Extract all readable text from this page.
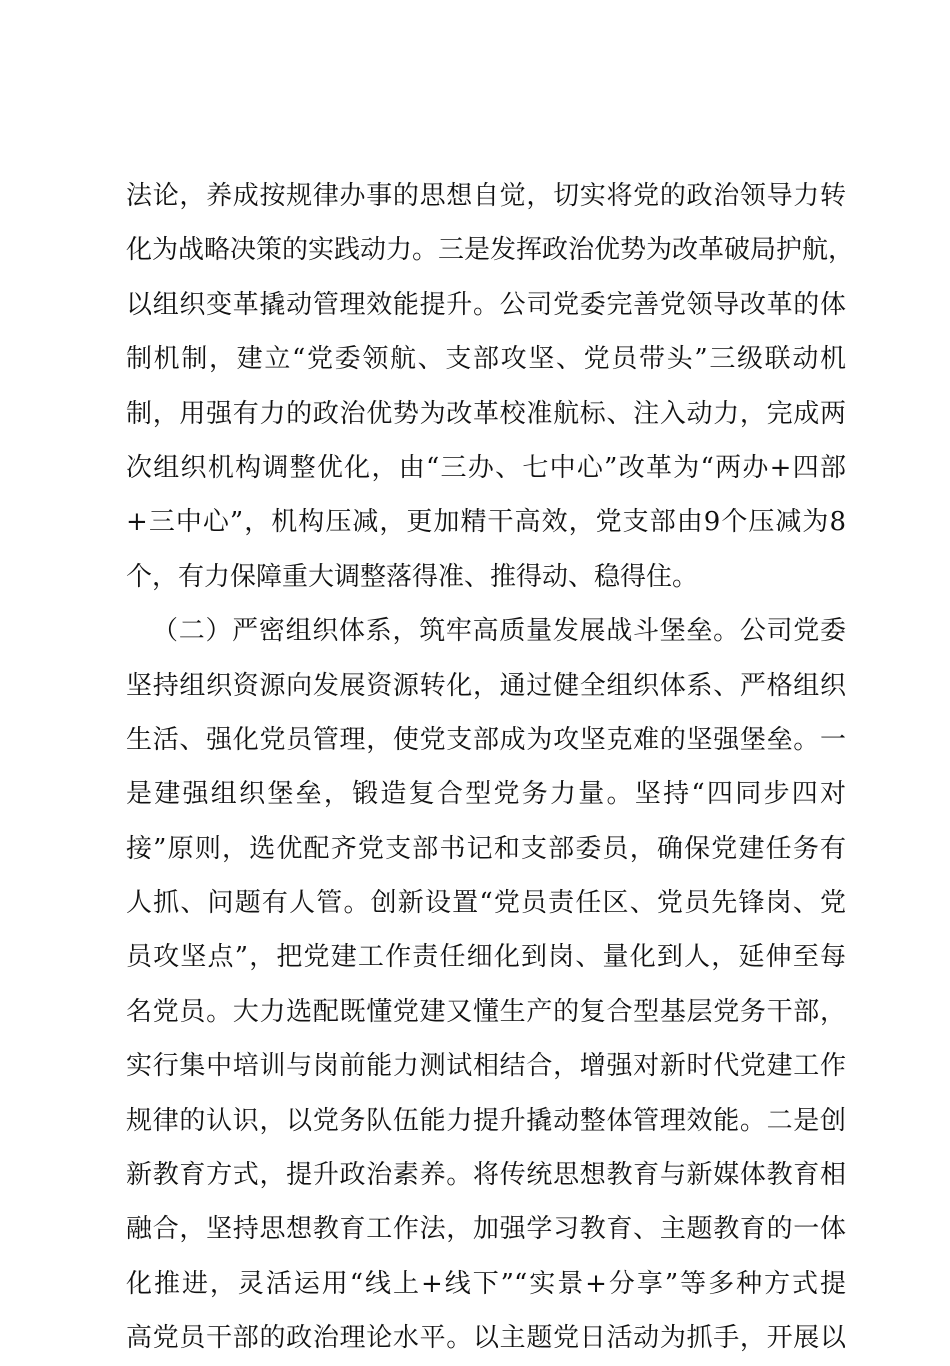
法论，养成按规律办事的思想自觉，切实将党的政治领导力转
化为战略决策的实践动力。三是发挥政治优势为改革破局护航，
以组织变革撬动管理效能提升。公司党委完善党领导改革的体
制机制，建立“党委领航、支部攻坚、党员带头”三级联动机
制，用强有力的政治优势为改革校准航标、注入动力，完成两
次组织机构调整优化，由“三办、七中心”改革为“两办+四部
+三中心”，机构压减，更加精干高效，党支部由9个压减为8
个，有力保障重大调整落得准、推得动、稳得住。
（二）严密组织体系，筑牢高质量发展战斗堡垒。公司党委
坚持组织资源向发展资源转化，通过健全组织体系、严格组织
生活、强化党员管理，使党支部成为攻坚克难的坚强堡垒。一
是建强组织堡垒，锻造复合型党务力量。坚持“四同步四对
接”原则，选优配齐党支部书记和支部委员，确保党建任务有
人抓、问题有人管。创新设置“党员责任区、党员先锋岗、党
员攻坚点”，把党建工作责任细化到岗、量化到人，延伸至每
名党员。大力选配既懂党建又懂生产的复合型基层党务干部，
实行集中培训与岗前能力测试相结合，增强对新时代党建工作
规律的认识，以党务队伍能力提升撬动整体管理效能。二是创
新教育方式，提升政治素养。将传统思想教育与新媒体教育相
融合，坚持思想教育工作法，加强学习教育、主题教育的一体
化推进，灵活运用“线上+线下”“实景+分享”等多种方式提
高党员干部的政治理论水平。以主题党日活动为抓手，开展以
